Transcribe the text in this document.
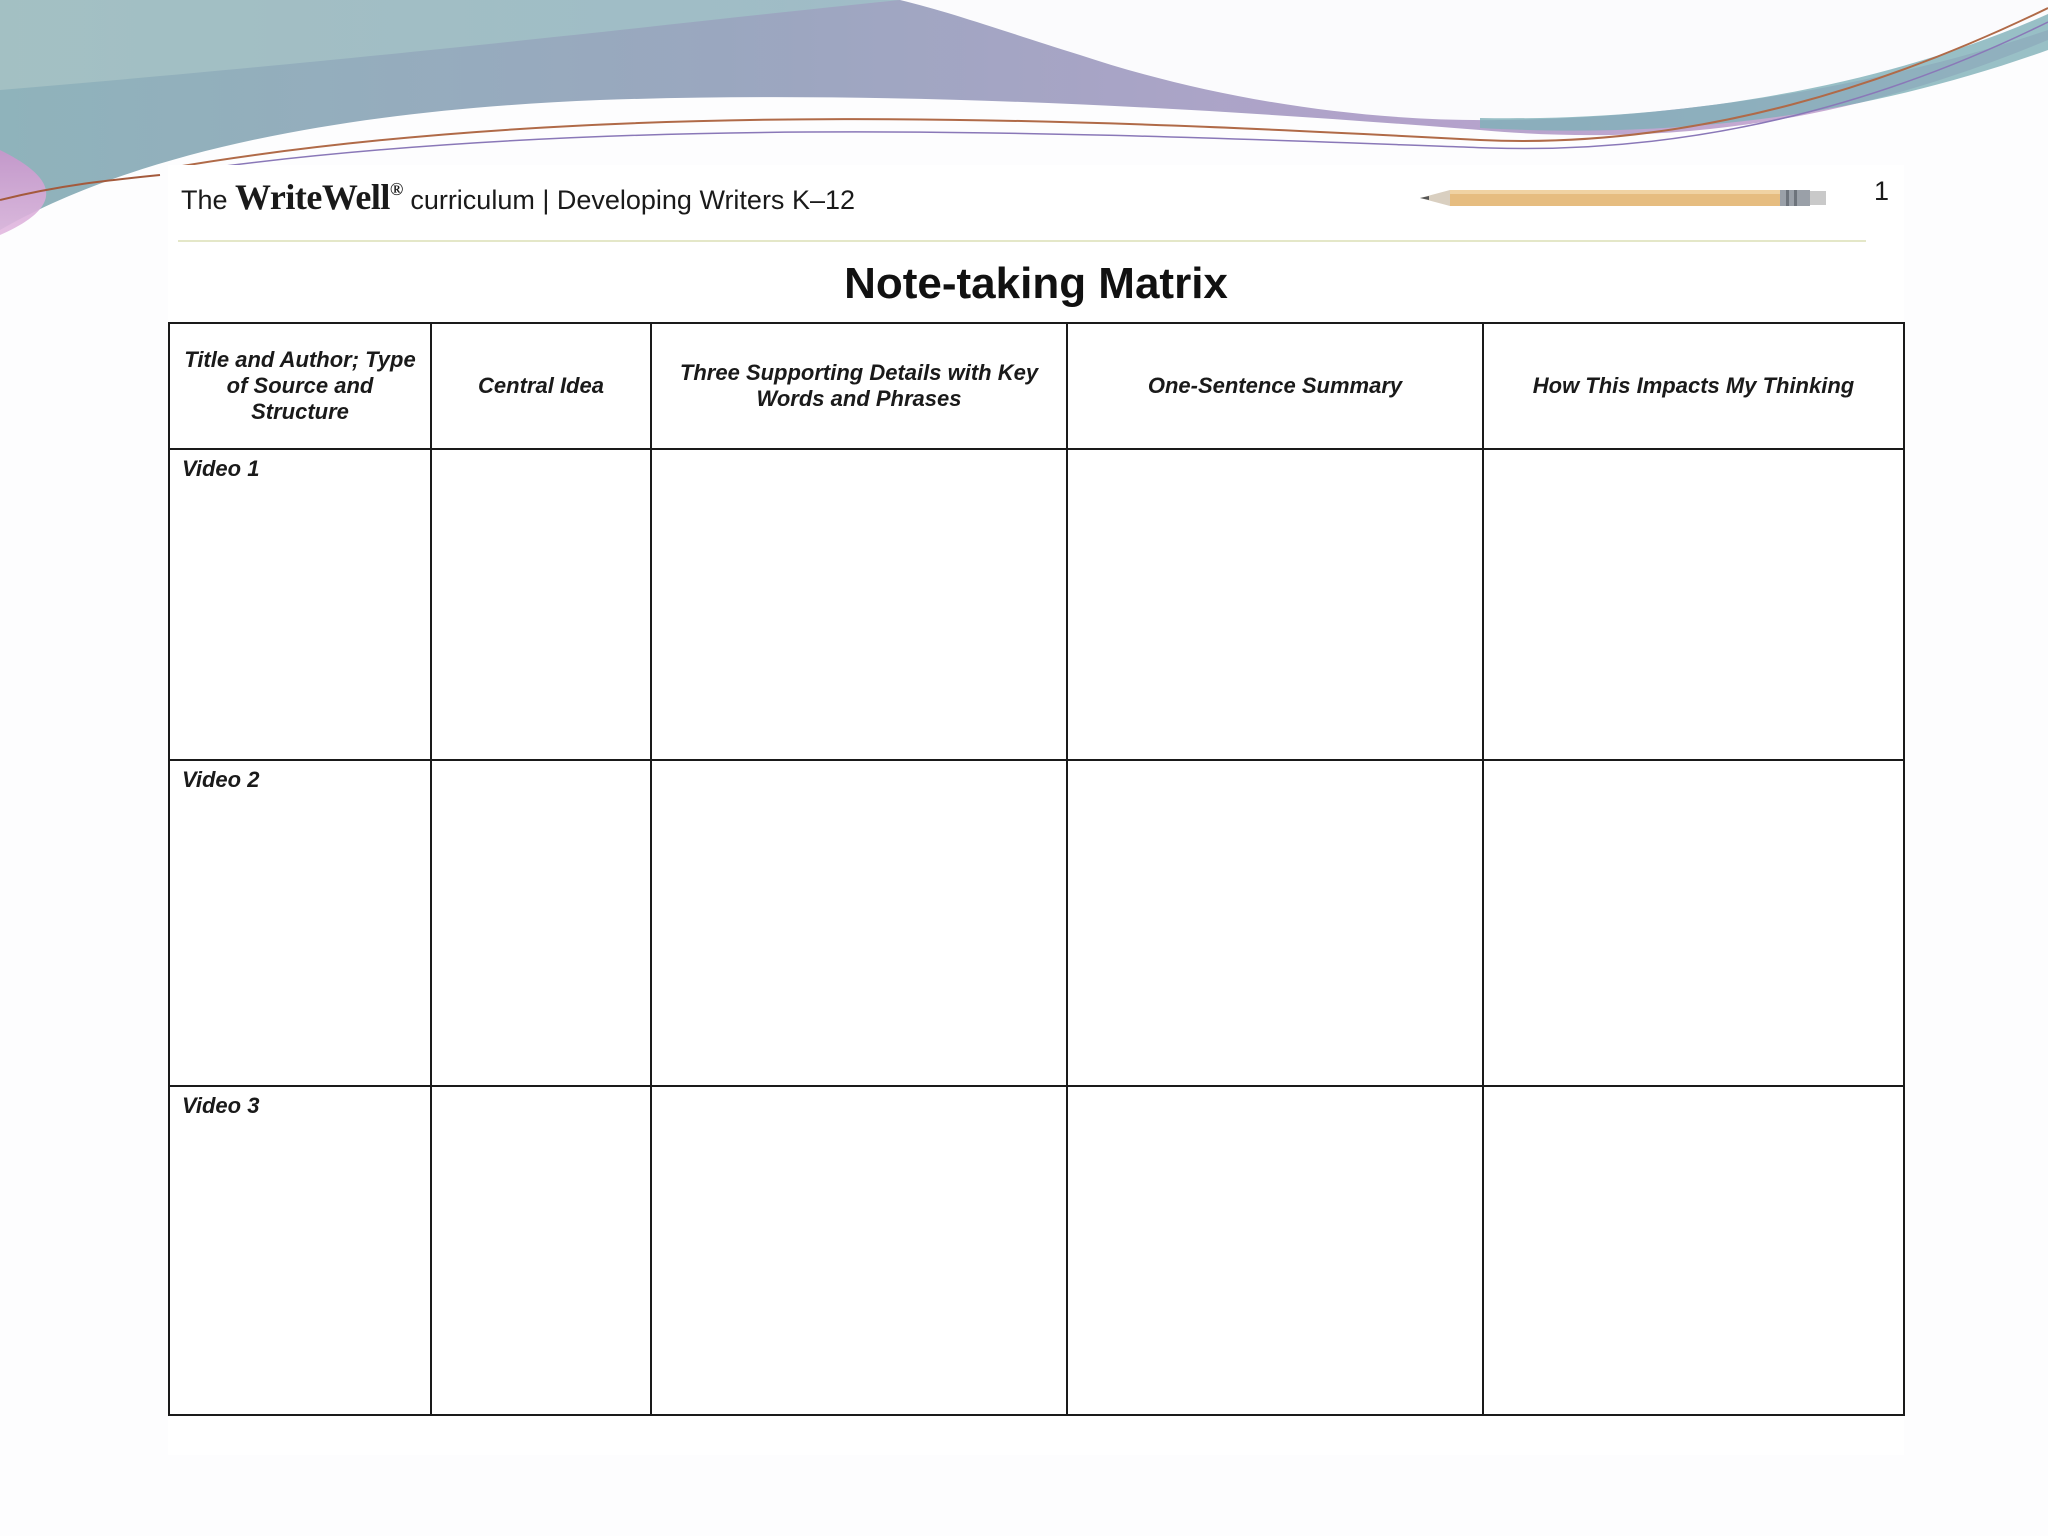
The WriteWell® curriculum | Developing Writers K–12	1
Note-taking Matrix
Title and Author; Type of Source and Structure	Central Idea	Three Supporting Details with Key Words and Phrases	One-Sentence Summary	How This Impacts My Thinking

Video 1				

Video 2				

Video 3				
